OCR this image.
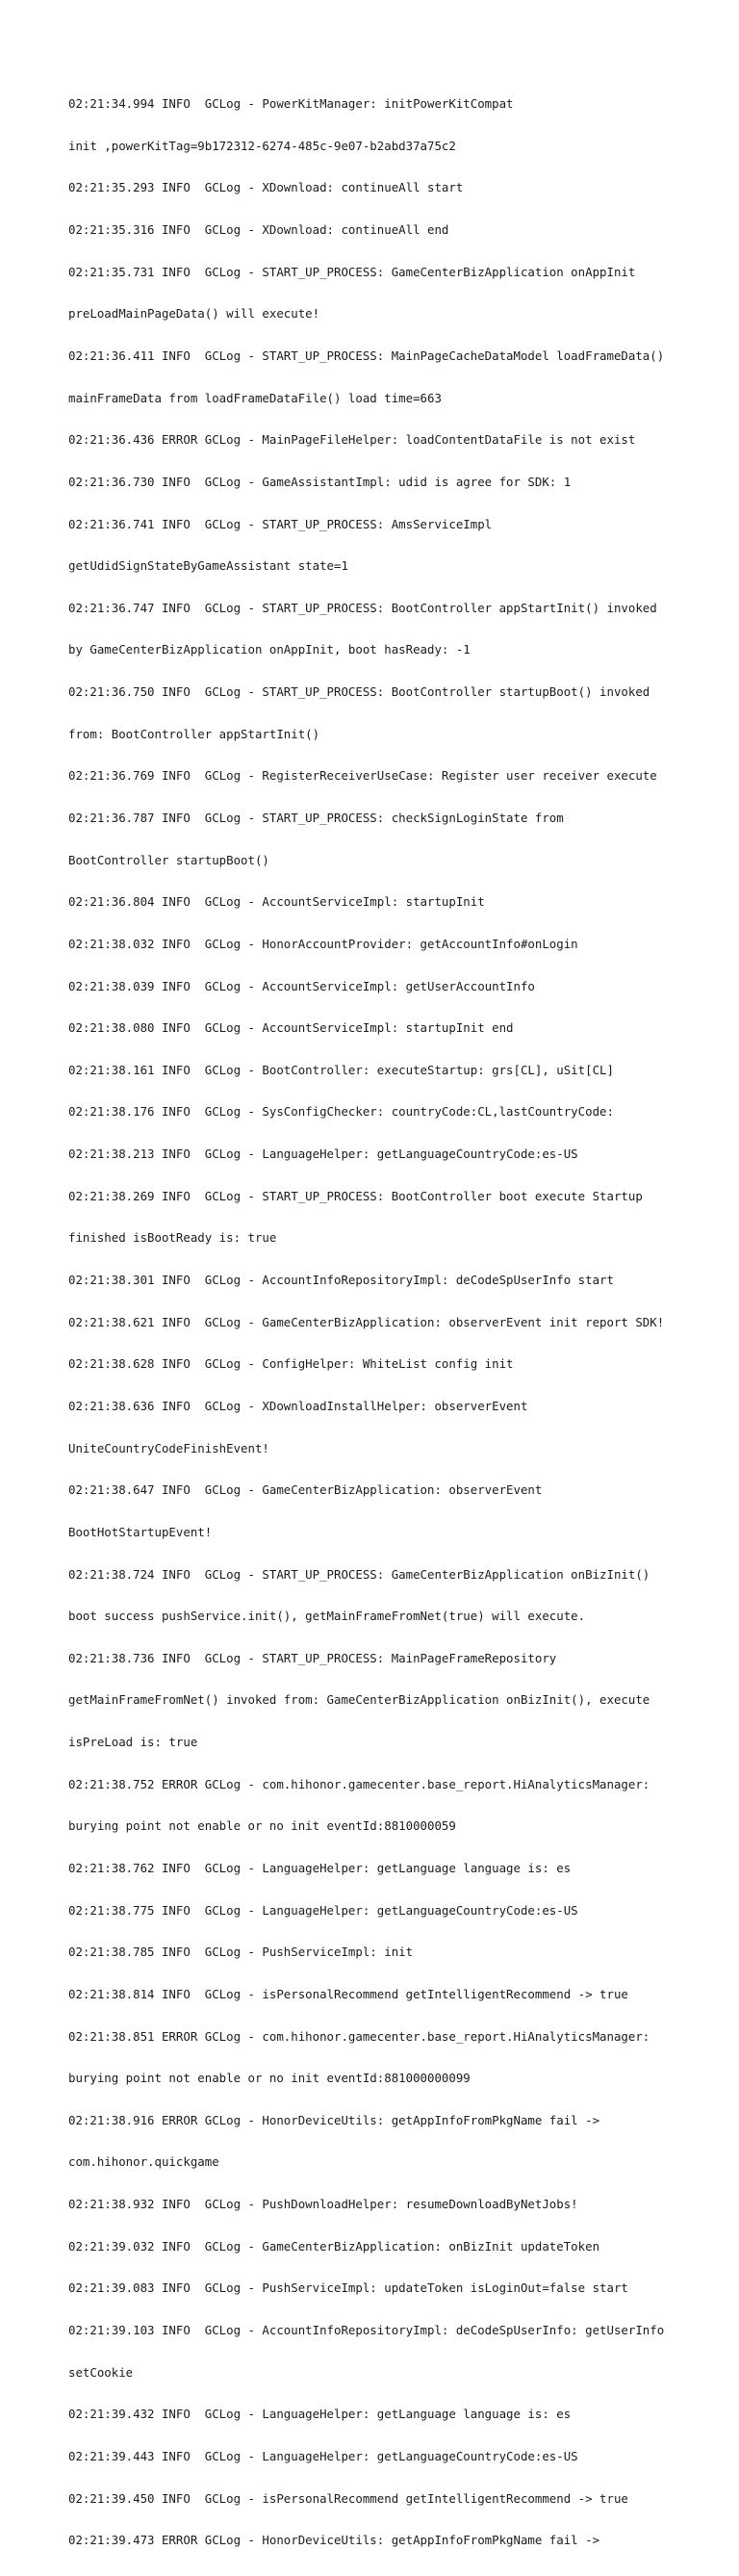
02:21:34.994 INFO  GCLog - PowerKitManager: initPowerKitCompat

init ,powerKitTag=9b172312-6274-485c-9e07-b2abd37a75c2

02:21:35.293 INFO  GCLog - XDownload: continueAll start

02:21:35.316 INFO  GCLog - XDownload: continueAll end

02:21:35.731 INFO  GCLog - START_UP_PROCESS: GameCenterBizApplication onAppInit

preLoadMainPageData() will execute!

02:21:36.411 INFO  GCLog - START_UP_PROCESS: MainPageCacheDataModel loadFrameData()

mainFrameData from loadFrameDataFile() load time=663

02:21:36.436 ERROR GCLog - MainPageFileHelper: loadContentDataFile is not exist

02:21:36.730 INFO  GCLog - GameAssistantImpl: udid is agree for SDK: 1

02:21:36.741 INFO  GCLog - START_UP_PROCESS: AmsServiceImpl

getUdidSignStateByGameAssistant state=1

02:21:36.747 INFO  GCLog - START_UP_PROCESS: BootController appStartInit() invoked

by GameCenterBizApplication onAppInit, boot hasReady: -1

02:21:36.750 INFO  GCLog - START_UP_PROCESS: BootController startupBoot() invoked

from: BootController appStartInit()

02:21:36.769 INFO  GCLog - RegisterReceiverUseCase: Register user receiver execute

02:21:36.787 INFO  GCLog - START_UP_PROCESS: checkSignLoginState from

BootController startupBoot()

02:21:36.804 INFO  GCLog - AccountServiceImpl: startupInit

02:21:38.032 INFO  GCLog - HonorAccountProvider: getAccountInfo#onLogin

02:21:38.039 INFO  GCLog - AccountServiceImpl: getUserAccountInfo

02:21:38.080 INFO  GCLog - AccountServiceImpl: startupInit end

02:21:38.161 INFO  GCLog - BootController: executeStartup: grs[CL], uSit[CL]

02:21:38.176 INFO  GCLog - SysConfigChecker: countryCode:CL,lastCountryCode:

02:21:38.213 INFO  GCLog - LanguageHelper: getLanguageCountryCode:es-US

02:21:38.269 INFO  GCLog - START_UP_PROCESS: BootController boot execute Startup

finished isBootReady is: true

02:21:38.301 INFO  GCLog - AccountInfoRepositoryImpl: deCodeSpUserInfo start

02:21:38.621 INFO  GCLog - GameCenterBizApplication: observerEvent init report SDK!

02:21:38.628 INFO  GCLog - ConfigHelper: WhiteList config init

02:21:38.636 INFO  GCLog - XDownloadInstallHelper: observerEvent

UniteCountryCodeFinishEvent!

02:21:38.647 INFO  GCLog - GameCenterBizApplication: observerEvent

BootHotStartupEvent!

02:21:38.724 INFO  GCLog - START_UP_PROCESS: GameCenterBizApplication onBizInit()

boot success pushService.init(), getMainFrameFromNet(true) will execute.

02:21:38.736 INFO  GCLog - START_UP_PROCESS: MainPageFrameRepository

getMainFrameFromNet() invoked from: GameCenterBizApplication onBizInit(), execute

isPreLoad is: true

02:21:38.752 ERROR GCLog - com.hihonor.gamecenter.base_report.HiAnalyticsManager:

burying point not enable or no init eventId:8810000059

02:21:38.762 INFO  GCLog - LanguageHelper: getLanguage language is: es

02:21:38.775 INFO  GCLog - LanguageHelper: getLanguageCountryCode:es-US

02:21:38.785 INFO  GCLog - PushServiceImpl: init

02:21:38.814 INFO  GCLog - isPersonalRecommend getIntelligentRecommend -> true

02:21:38.851 ERROR GCLog - com.hihonor.gamecenter.base_report.HiAnalyticsManager:

burying point not enable or no init eventId:881000000099

02:21:38.916 ERROR GCLog - HonorDeviceUtils: getAppInfoFromPkgName fail ->

com.hihonor.quickgame

02:21:38.932 INFO  GCLog - PushDownloadHelper: resumeDownloadByNetJobs!

02:21:39.032 INFO  GCLog - GameCenterBizApplication: onBizInit updateToken

02:21:39.083 INFO  GCLog - PushServiceImpl: updateToken isLoginOut=false start

02:21:39.103 INFO  GCLog - AccountInfoRepositoryImpl: deCodeSpUserInfo: getUserInfo

setCookie

02:21:39.432 INFO  GCLog - LanguageHelper: getLanguage language is: es

02:21:39.443 INFO  GCLog - LanguageHelper: getLanguageCountryCode:es-US

02:21:39.450 INFO  GCLog - isPersonalRecommend getIntelligentRecommend -> true

02:21:39.473 ERROR GCLog - HonorDeviceUtils: getAppInfoFromPkgName fail ->
